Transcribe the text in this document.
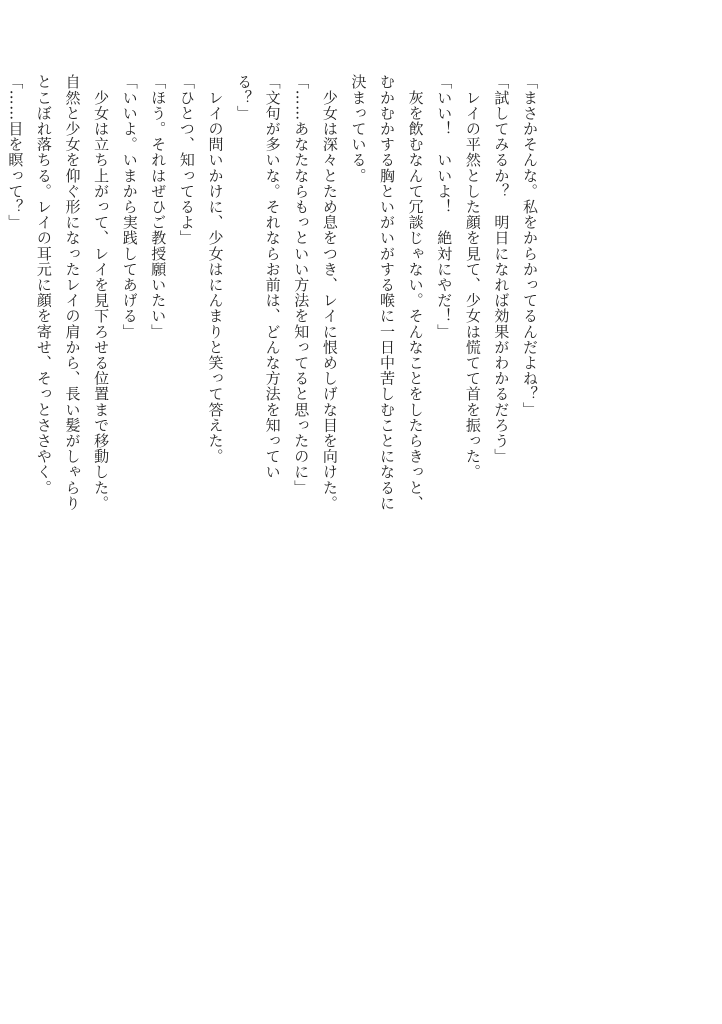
「まさかそんな。私をからかってるんだよね？」

「試してみるか？　明日になれば効果がわかるだろう」

　レイの平然とした顔を見て、少女は慌てて首を振った。

「いい！　いいよ！　絶対にやだ！」

　灰を飲むなんて冗談じゃない。そんなことをしたらきっと、むかむかする胸といがいがする喉に一日中苦しむことになるに決まっている。

　少女は深々とため息をつき、レイに恨めしげな目を向けた。

「……あなたならもっといい方法を知ってると思ったのに」

「文句が多いな。それならお前は、どんな方法を知っている？」

　レイの問いかけに、少女はにんまりと笑って答えた。

「ひとつ、知ってるよ」

「ほう。それはぜひご教授願いたい」

「いいよ。いまから実践してあげる」

　少女は立ち上がって、レイを見下ろせる位置まで移動した。自然と少女を仰ぐ形になったレイの肩から、長い髪がしゃらりとこぼれ落ちる。レイの耳元に顔を寄せ、そっとささやく。

「……目を瞑って？」
